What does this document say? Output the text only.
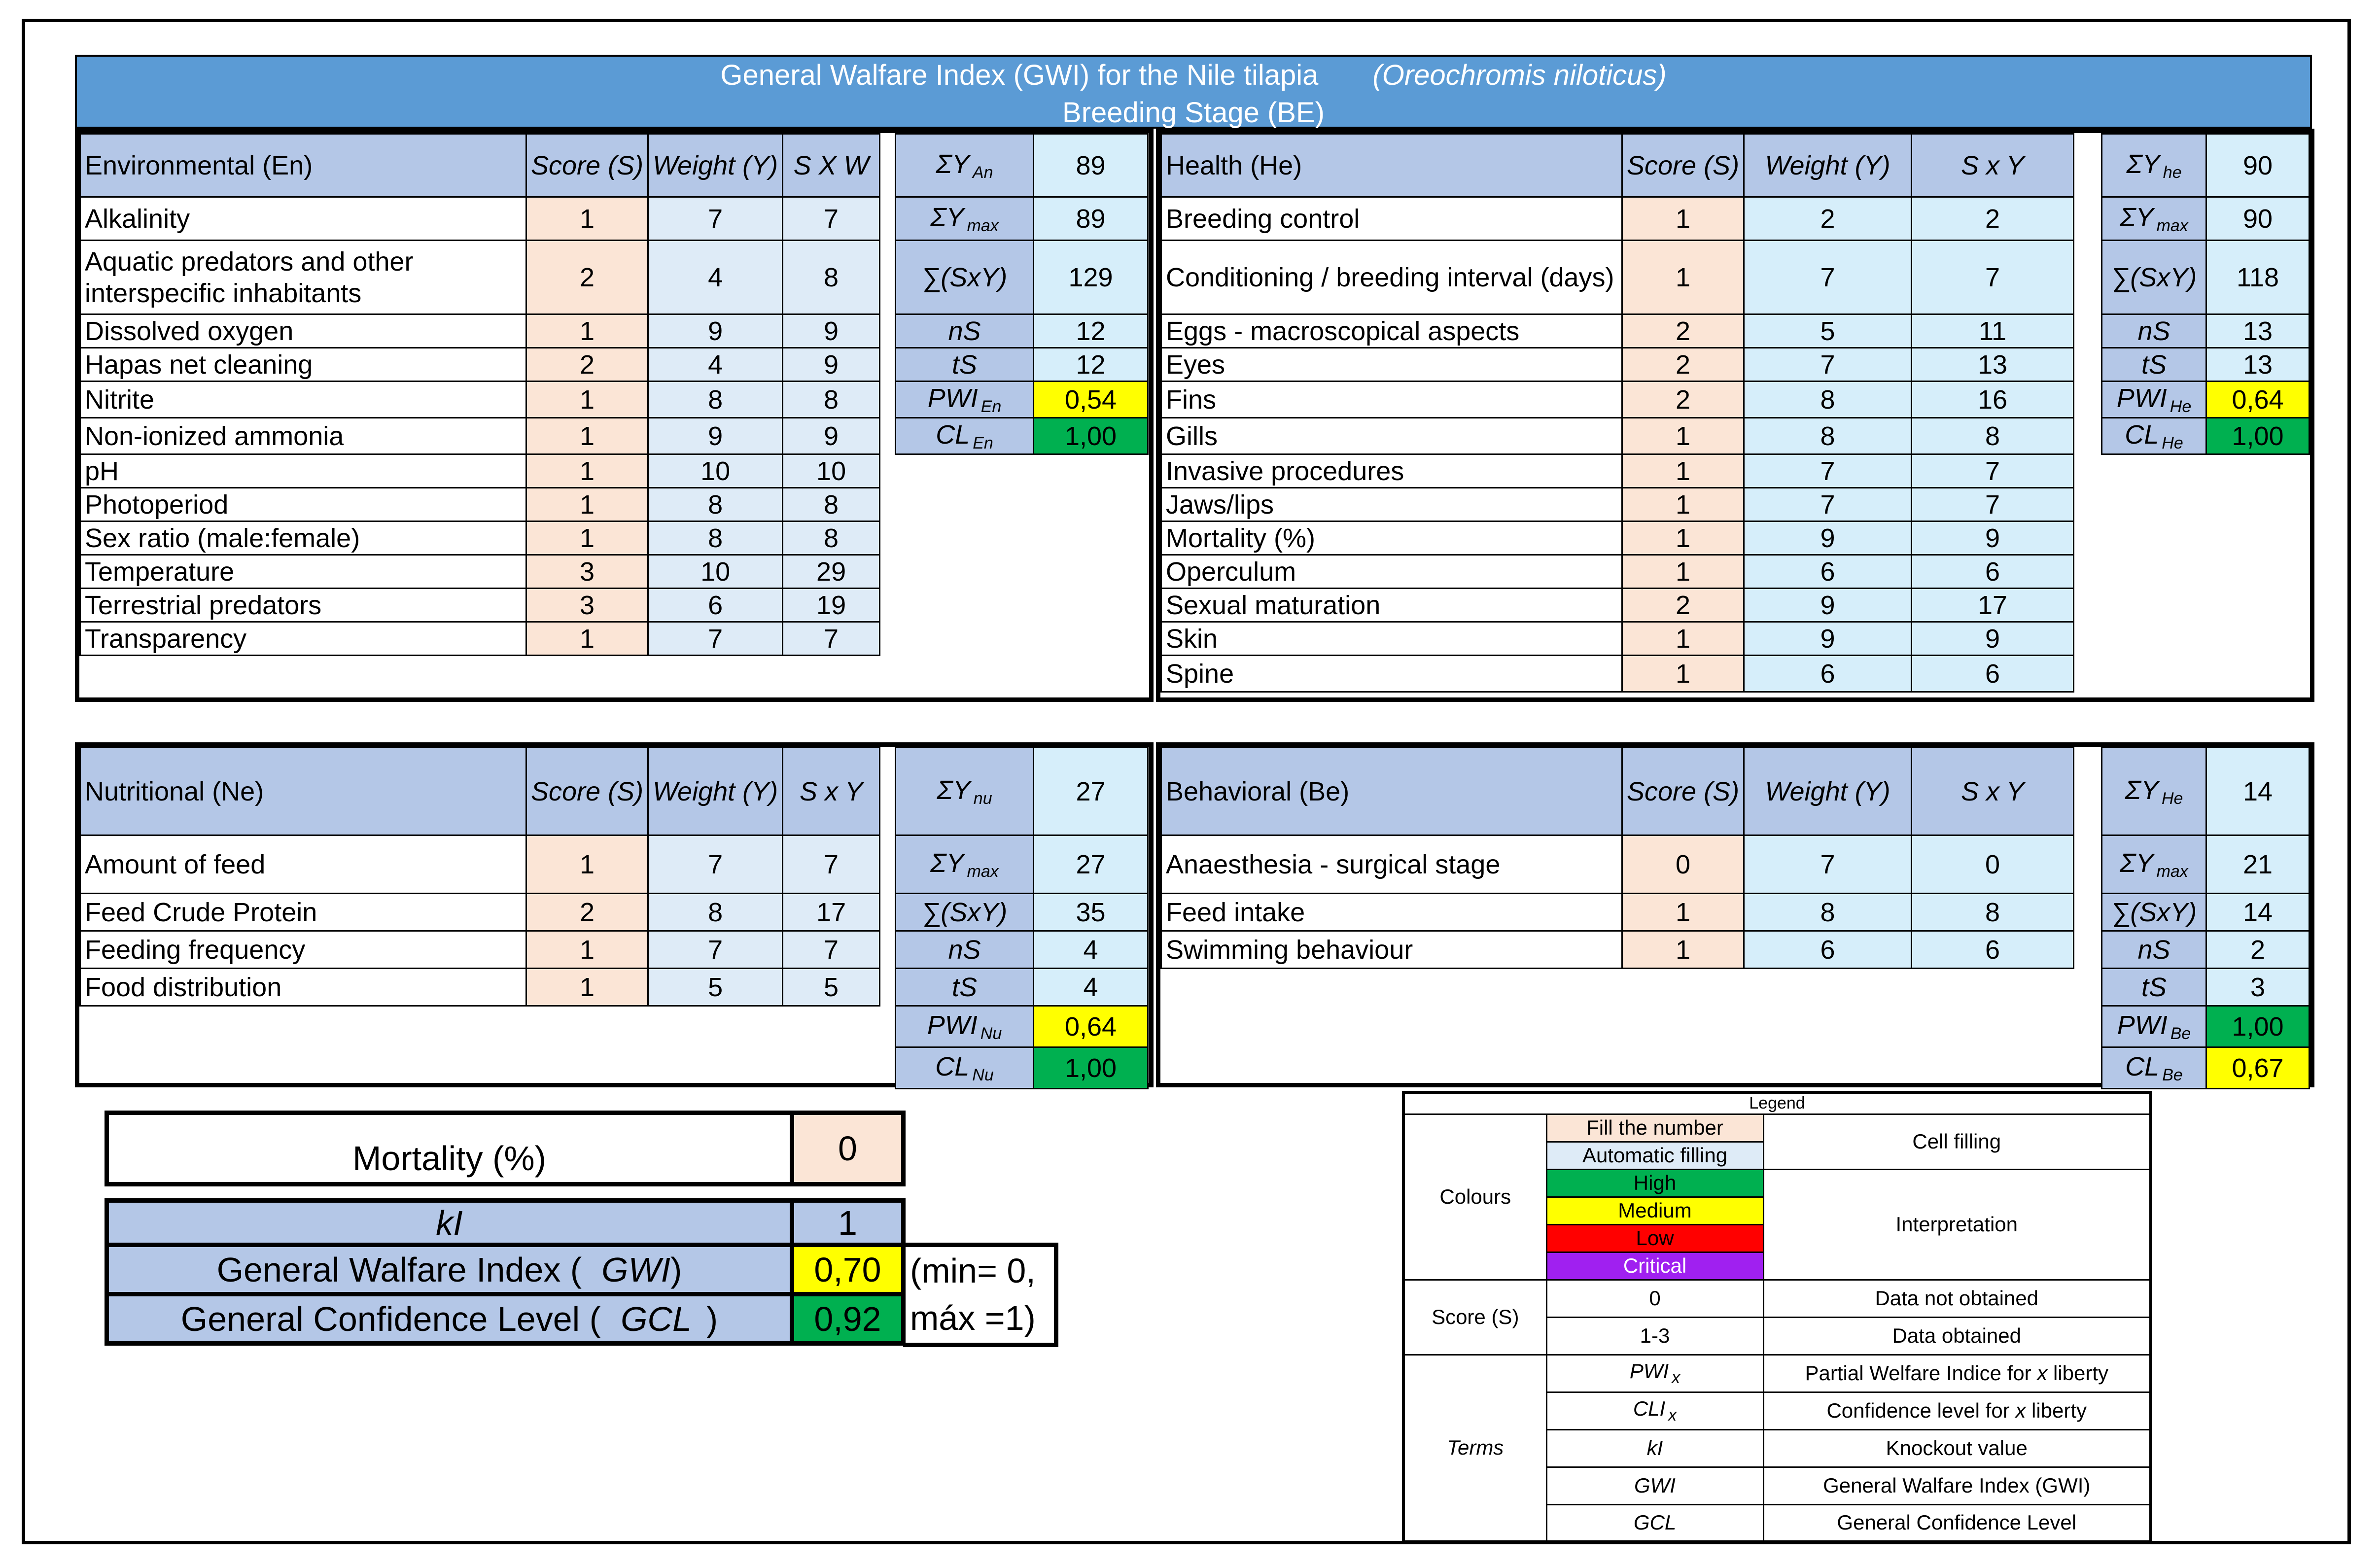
General Walfare Index (GWI) for the Nile tilapia (Oreochromis niloticus)
Breeding Stage (BE)
Environmental (En)	Score (S)	Weight (Y)	S X W
Alkalinity	1	7	7
Aquatic predators and other interspecific inhabitants	2	4	8
Dissolved oxygen	1	9	9
Hapas net cleaning	2	4	9
Nitrite	1	8	8
Non-ionized ammonia	1	9	9
pH	1	10	10
Photoperiod	1	8	8
Sex ratio (male:female)	1	8	8
Temperature	3	10	29
Terrestrial predators	3	6	19
Transparency	1	7	7
ΣY $_{An}$	89
ΣY $_{max}$	89
∑(SxY)	129
nS	12
tS	12
PWI $_{En}$	0,54
CL $_{En}$	1,00
Health (He)	Score (S)	Weight (Y)	S x Y
Breeding control	1	2	2
Conditioning / breeding interval (days)	1	7	7
Eggs - macroscopical aspects	2	5	11
Eyes	2	7	13
Fins	2	8	16
Gills	1	8	8
Invasive procedures	1	7	7
Jaws/lips	1	7	7
Mortality (%)	1	9	9
Operculum	1	6	6
Sexual maturation	2	9	17
Skin	1	9	9
Spine	1	6	6
ΣY $_{he}$	90
ΣY $_{max}$	90
∑(SxY)	118
nS	13
tS	13
PWI $_{He}$	0,64
CL $_{He}$	1,00
Nutritional (Ne)	Score (S)	Weight (Y)	S x Y
Amount of feed	1	7	7
Feed Crude Protein	2	8	17
Feeding frequency	1	7	7
Food distribution	1	5	5
ΣY $_{nu}$	27
ΣY $_{max}$	27
∑(SxY)	35
nS	4
tS	4
PWI $_{Nu}$	0,64
CL $_{Nu}$	1,00
Behavioral (Be)	Score (S)	Weight (Y)	S x Y
Anaesthesia - surgical stage	0	7	0
Feed intake	1	8	8
Swimming behaviour	1	6	6
ΣY $_{He}$	14
ΣY $_{max}$	21
∑(SxY)	14
nS	2
tS	3
PWI $_{Be}$	1,00
CL $_{Be}$	0,67
Mortality (%)	0
kI	1
General Walfare Index ( GWI)	0,70
General Confidence Level ( GCL )	0,92
(min= 0,
máx =1)
Legend		
Colours	Fill the number	Cell filling
	Automatic filling	
	High	Interpretation
	Medium	
	Low	
	Critical	
Score (S)	0	Data not obtained
	1-3	Data obtained
Terms	PWI $_x$	Partial Welfare Indice for x liberty
	CLI $_x$	Confidence level for x liberty
	kI	Knockout value
	GWI	General Walfare Index (GWI)
	GCL	General Confidence Level
